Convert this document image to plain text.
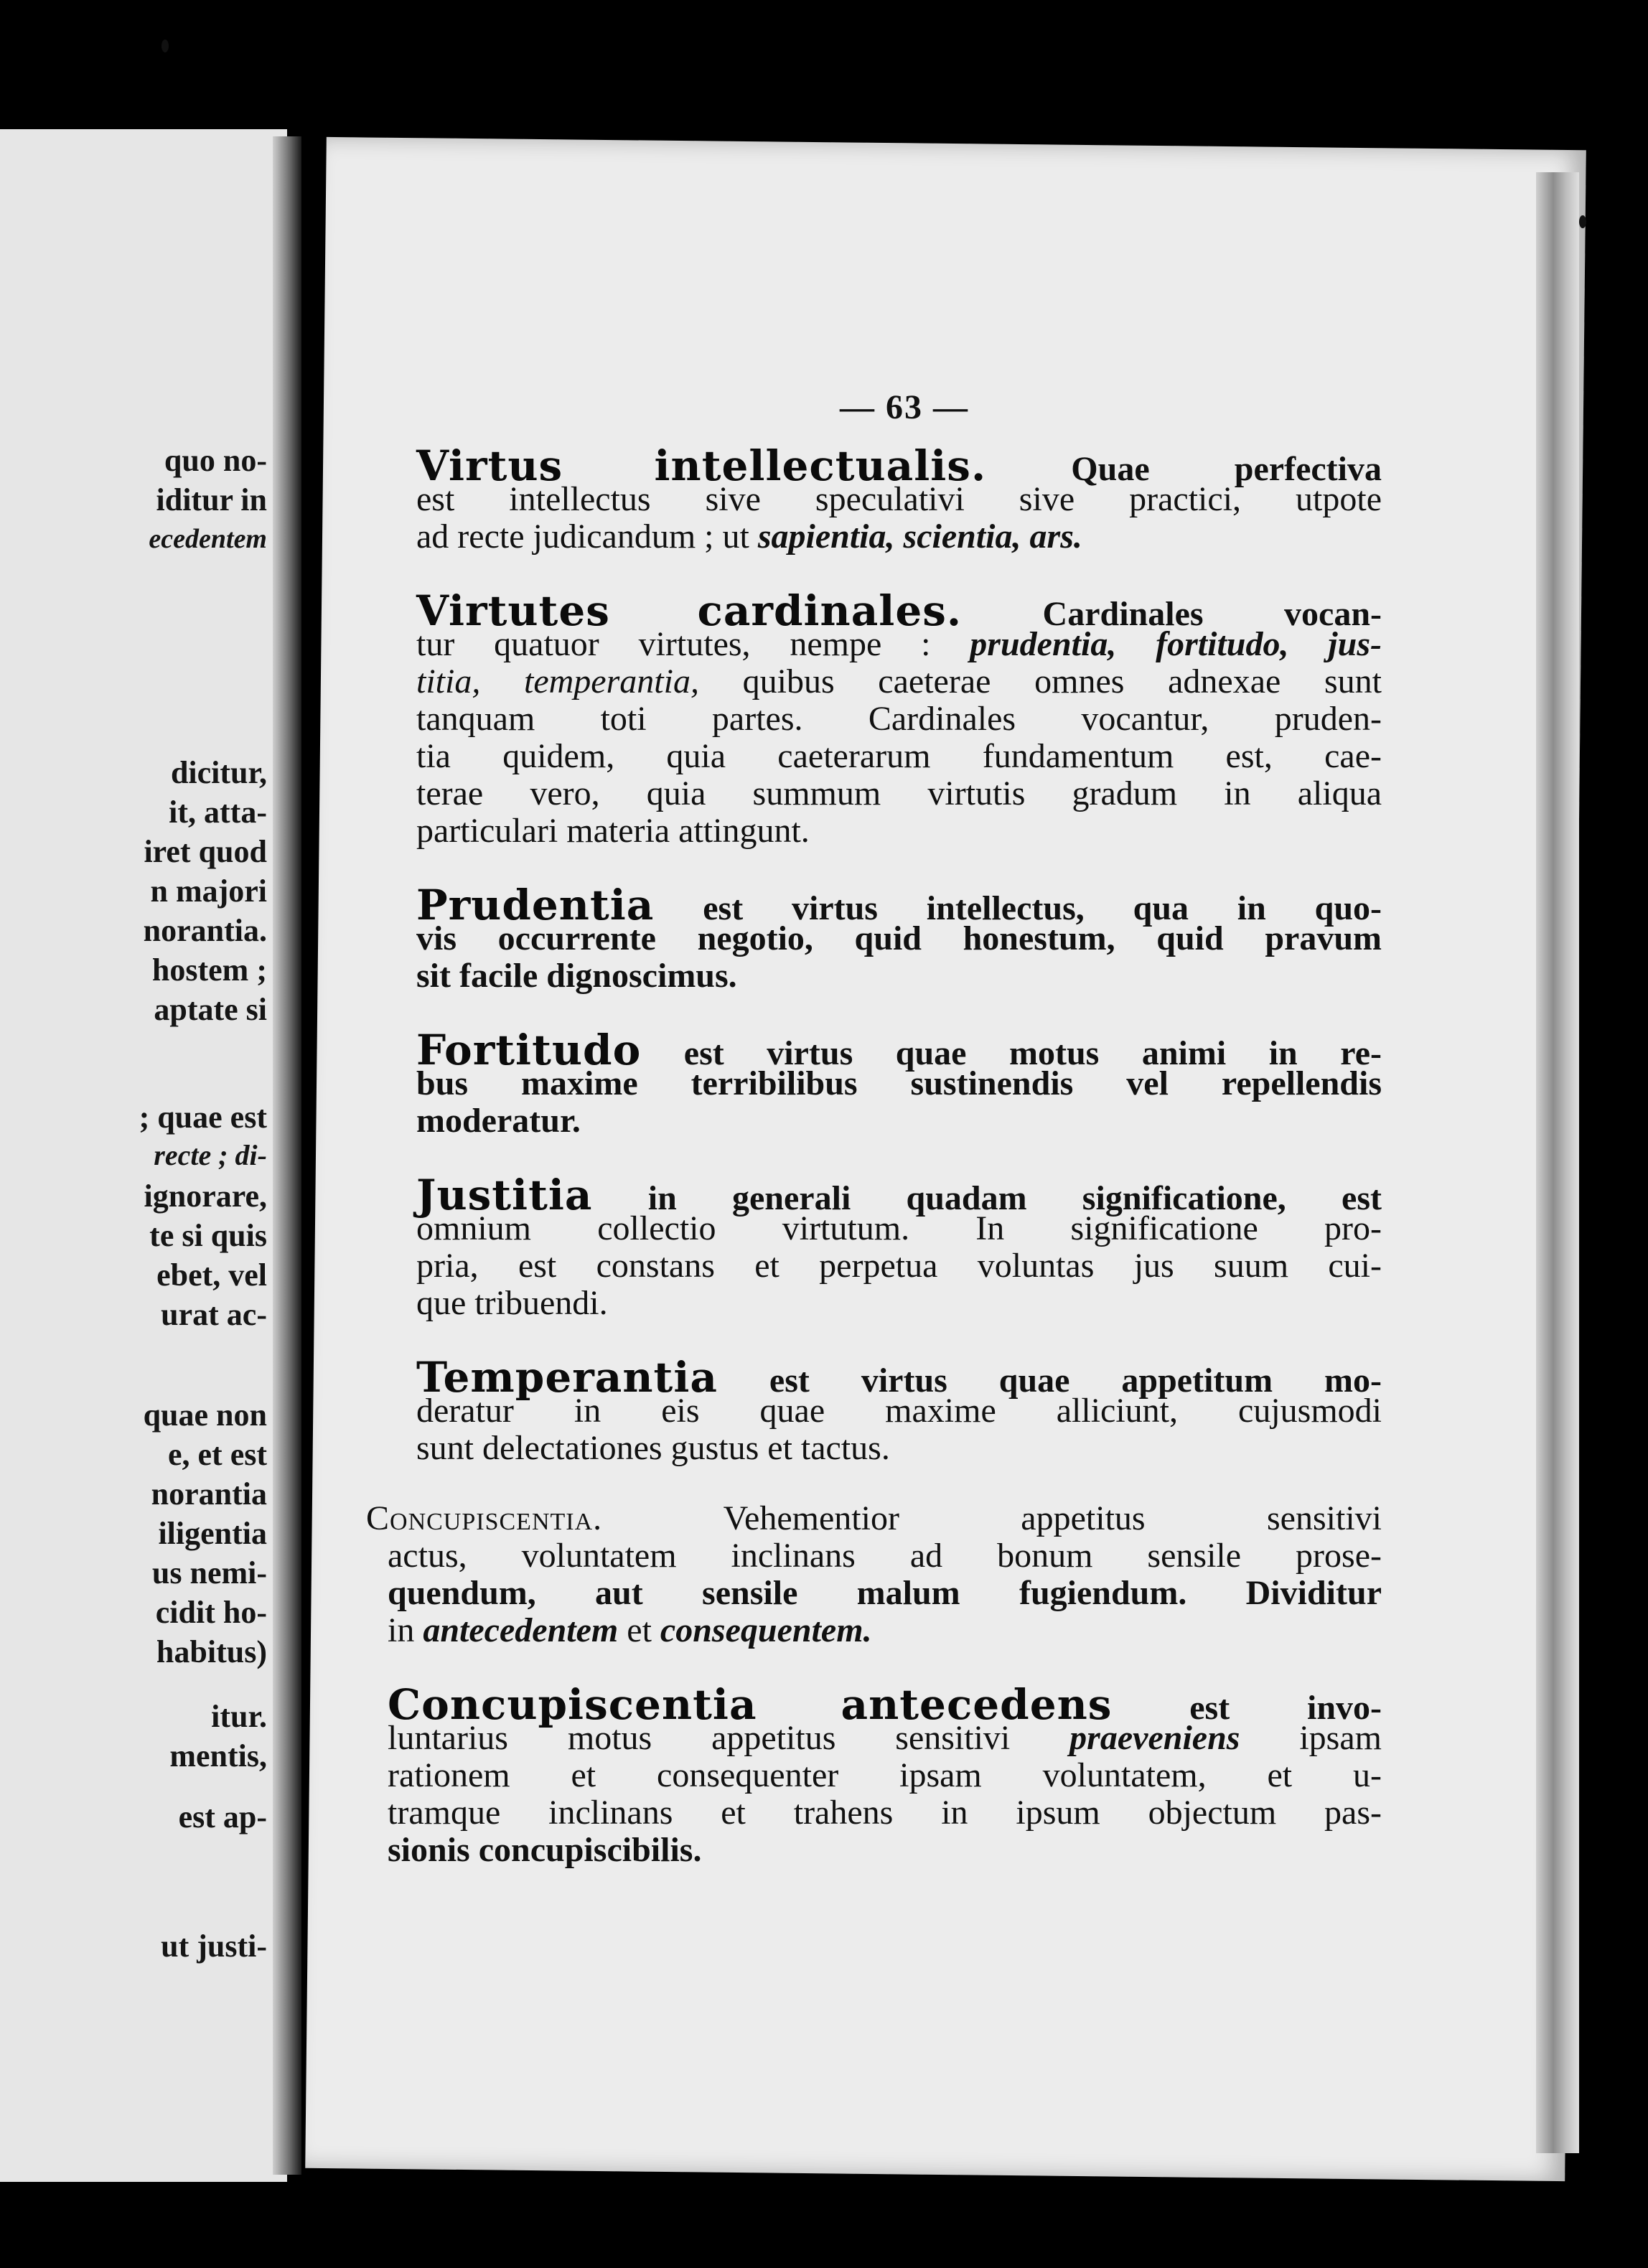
quo no-
iditur in
ecedentem
dicitur,
it, atta-
iret quod
n majori
norantia.
hostem ;
aptate si
; quae est
recte ; di-
ignorare,
te si quis
ebet, vel
urat ac-
quae non
e, et est
norantia
iligentia
us nemi-
cidit ho-
habitus)
itur.
mentis,
est ap-
ut justi-
— 63 —
Virtus intellectualis. Quae perfectiva
est intellectus sive speculativi sive practici, utpote
ad recte judicandum ; ut sapientia, scientia, ars.
Virtutes cardinales. Cardinales vocan-
tur quatuor virtutes, nempe : prudentia, fortitudo, jus-
titia, temperantia, quibus caeterae omnes adnexae sunt
tanquam toti partes. Cardinales vocantur, pruden-
tia quidem, quia caeterarum fundamentum est, cae-
terae vero, quia summum virtutis gradum in aliqua
particulari materia attingunt.
Prudentia est virtus intellectus, qua in quo-
vis occurrente negotio, quid honestum, quid pravum
sit facile dignoscimus.
Fortitudo est virtus quae motus animi in re-
bus maxime terribilibus sustinendis vel repellendis
moderatur.
Justitia in generali quadam significatione, est
omnium collectio virtutum. In significatione pro-
pria, est constans et perpetua voluntas jus suum cui-
que tribuendi.
Temperantia est virtus quae appetitum mo-
deratur in eis quae maxime alliciunt, cujusmodi
sunt delectationes gustus et tactus.
Concupiscentia.	Vehementior appetitus sensitivi
actus, voluntatem inclinans ad bonum sensile prose-
quendum, aut sensile malum fugiendum. Dividitur
in antecedentem et consequentem.
Concupiscentia antecedens est invo-
luntarius motus appetitus sensitivi praeveniens ipsam
rationem et consequenter ipsam voluntatem, et u-
tramque inclinans et trahens in ipsum objectum pas-
sionis concupiscibilis.
